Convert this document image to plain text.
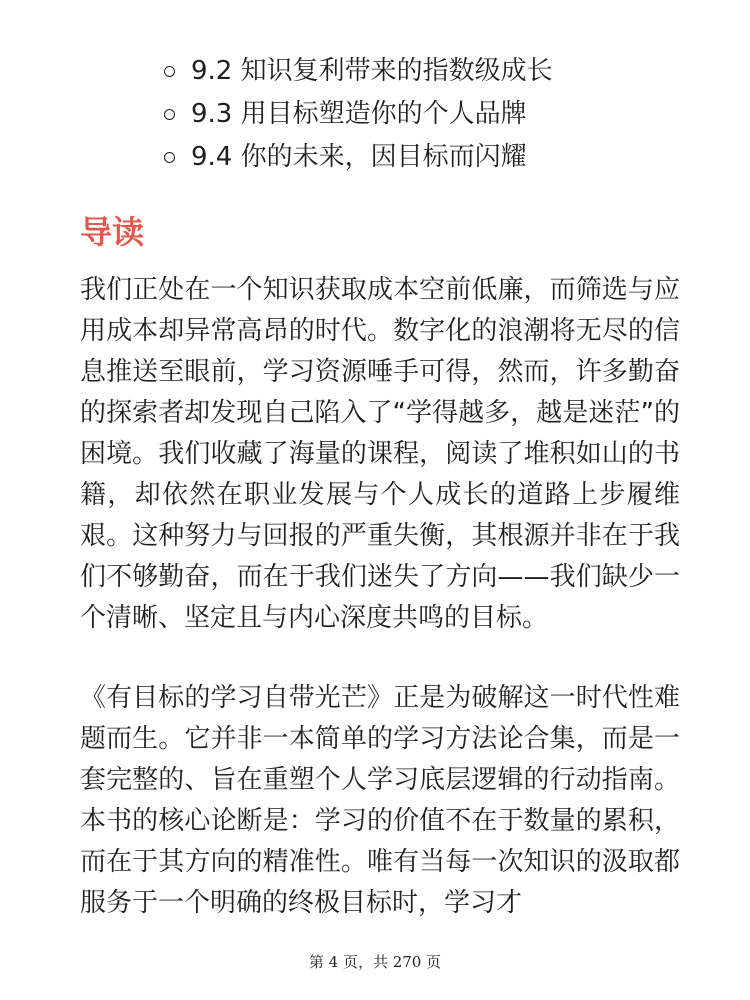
9.2 知识复利带来的指数级成长
9.3 用目标塑造你的个人品牌
9.4 你的未来，因目标而闪耀
导读

我们正处在一个知识获取成本空前低廉，而筛选与应用成本却异常高昂的时代。数字化的浪潮将无尽的信息推送至眼前，学习资源唾手可得，然而，许多勤奋的探索者却发现自己陷入了“学得越多，越是迷茫”的困境。我们收藏了海量的课程，阅读了堆积如山的书籍，却依然在职业发展与个人成长的道路上步履维艰。这种努力与回报的严重失衡，其根源并非在于我们不够勤奋，而在于我们迷失了方向——我们缺少一个清晰、坚定且与内心深度共鸣的目标。

《有目标的学习自带光芒》正是为破解这一时代性难题而生。它并非一本简单的学习方法论合集，而是一套完整的、旨在重塑个人学习底层逻辑的行动指南。本书的核心论断是：学习的价值不在于数量的累积，而在于其方向的精准性。唯有当每一次知识的汲取都服务于一个明确的终极目标时，学习才

第 4 页，共 270 页
